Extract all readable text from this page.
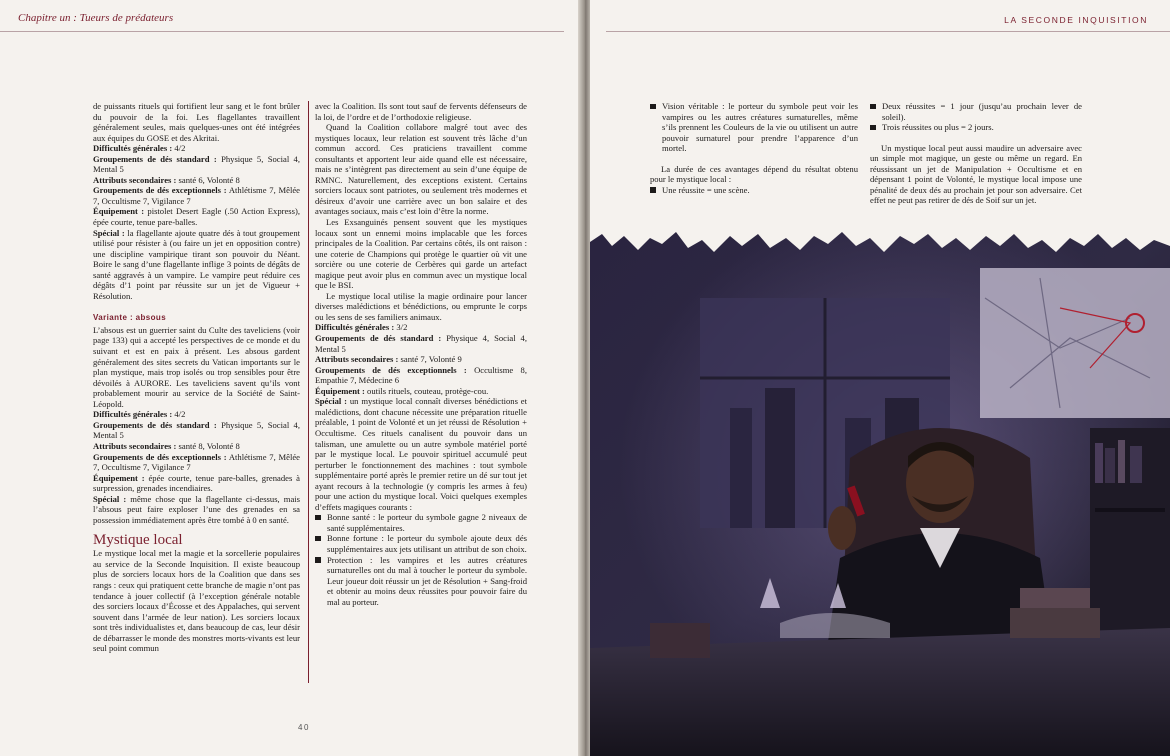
Chapitre un : Tueurs de prédateurs

de puissants rituels qui fortifient leur sang et le font brûler du pouvoir de la foi. Les flagellantes travaillent généralement seules, mais quelques-unes ont été intégrées aux équipes du GOSE et des Akritai.

Difficultés générales : 4/2

Groupements de dés standard : Physique 5, Social 4, Mental 5

Attributs secondaires : santé 6, Volonté 8

Groupements de dés exceptionnels : Athlétisme 7, Mêlée 7, Occultisme 7, Vigilance 7

Équipement : pistolet Desert Eagle (.50 Action Express), épée courte, tenue pare-balles.

Spécial : la flagellante ajoute quatre dés à tout groupement utilisé pour résister à (ou faire un jet en opposition contre) une discipline vampirique tirant son pouvoir du Néant. Boire le sang d’une flagellante inflige 3 points de dégâts de santé aggravés à un vampire. Le vampire peut réduire ces dégâts d’1 point par réussite sur un jet de Vigueur + Résolution.

Variante : absous

L’absous est un guerrier saint du Culte des taveliciens (voir page 133) qui a accepté les perspectives de ce monde et du suivant et est en paix à présent. Les absous gardent généralement des sites secrets du Vatican importants sur le plan mystique, mais trop isolés ou trop sensibles pour être dévoilés à AURORE. Les taveliciens savent qu’ils vont probablement mourir au service de la Société de Saint-Léopold.

Difficultés générales : 4/2

Groupements de dés standard : Physique 5, Social 4, Mental 5

Attributs secondaires : santé 8, Volonté 8

Groupements de dés exceptionnels : Athlétisme 7, Mêlée 7, Occultisme 7, Vigilance 7

Équipement : épée courte, tenue pare-balles, grenades à surpression, grenades incendiaires.

Spécial : même chose que la flagellante ci-dessus, mais l’absous peut faire exploser l’une des grenades en sa possession immédiatement après être tombé à 0 en santé.

Mystique local

Le mystique local met la magie et la sorcellerie populaires au service de la Seconde Inquisition. Il existe beaucoup plus de sorciers locaux hors de la Coalition que dans ses rangs : ceux qui pratiquent cette branche de magie n’ont pas tendance à jouer collectif (à l’exception générale notable des sorciers locaux d’Écosse et des Appalaches, qui servent souvent dans l’armée de leur nation). Les sorciers locaux sont très individualistes et, dans beaucoup de cas, leur désir de débarrasser le monde des monstres morts-vivants est leur seul point commun

avec la Coalition. Ils sont tout sauf de fervents défenseurs de la loi, de l’ordre et de l’orthodoxie religieuse.

Quand la Coalition collabore malgré tout avec des mystiques locaux, leur relation est souvent très lâche d’un commun accord. Ces praticiens travaillent comme consultants et apportent leur aide quand elle est nécessaire, mais ne s’intègrent pas directement au sein d’une équipe de RMNC. Naturellement, des exceptions existent. Certains sorciers locaux sont patriotes, ou seulement très modernes et désireux d’avoir une carrière avec un bon salaire et des avantages sociaux, mais c’est loin d’être la norme.

Les Exsanguinés pensent souvent que les mystiques locaux sont un ennemi moins implacable que les forces principales de la Coalition. Par certains côtés, ils ont raison : une coterie de Champions qui protège le quartier où vit une sorcière ou une coterie de Cerbères qui garde un artefact magique peut avoir plus en commun avec un mystique local que le BSI.

Le mystique local utilise la magie ordinaire pour lancer diverses malédictions et bénédictions, ou emprunte le corps ou les sens de ses familiers animaux.

Difficultés générales : 3/2

Groupements de dés standard : Physique 4, Social 4, Mental 5

Attributs secondaires : santé 7, Volonté 9

Groupements de dés exceptionnels : Occultisme 8, Empathie 7, Médecine 6

Équipement : outils rituels, couteau, protège-cou.

Spécial : un mystique local connaît diverses bénédictions et malédictions, dont chacune nécessite une préparation rituelle préalable, 1 point de Volonté et un jet réussi de Résolution + Occultisme. Ces rituels canalisent du pouvoir dans un talisman, une amulette ou un autre symbole matériel porté par le mystique local. Le pouvoir spirituel accumulé peut perturber le fonctionnement des machines : tout symbole supplémentaire porté après le premier retire un dé sur tout jet ayant recours à la technologie (y compris les armes à feu) pour une action du mystique local. Voici quelques exemples d’effets magiques courants :

Bonne santé : le porteur du symbole gagne 2 niveaux de santé supplémentaires.
Bonne fortune : le porteur du symbole ajoute deux dés supplémentaires aux jets utilisant un attribut de son choix.
Protection : les vampires et les autres créatures surnaturelles ont du mal à toucher le porteur du symbole. Leur joueur doit réussir un jet de Résolution + Sang-froid et obtenir au moins deux réussites pour pouvoir faire du mal au porteur.
40
LA SECONDE INQUISITION
Vision véritable : le porteur du symbole peut voir les vampires ou les autres créatures surnaturelles, même s’ils prennent les Couleurs de la vie ou utilisent un autre pouvoir surnaturel pour prendre l’apparence d’un mortel.

La durée de ces avantages dépend du résultat obtenu pour le mystique local :

Une réussite = une scène.
Deux réussites = 1 jour (jusqu’au prochain lever de soleil).
Trois réussites ou plus = 2 jours.

Un mystique local peut aussi maudire un adversaire avec un simple mot magique, un geste ou même un regard. En réussissant un jet de Manipulation + Occultisme et en dépensant 1 point de Volonté, le mystique local impose une pénalité de deux dés au prochain jet pour son adversaire. Cet effet ne peut pas retirer de dés de Soif sur un jet.
